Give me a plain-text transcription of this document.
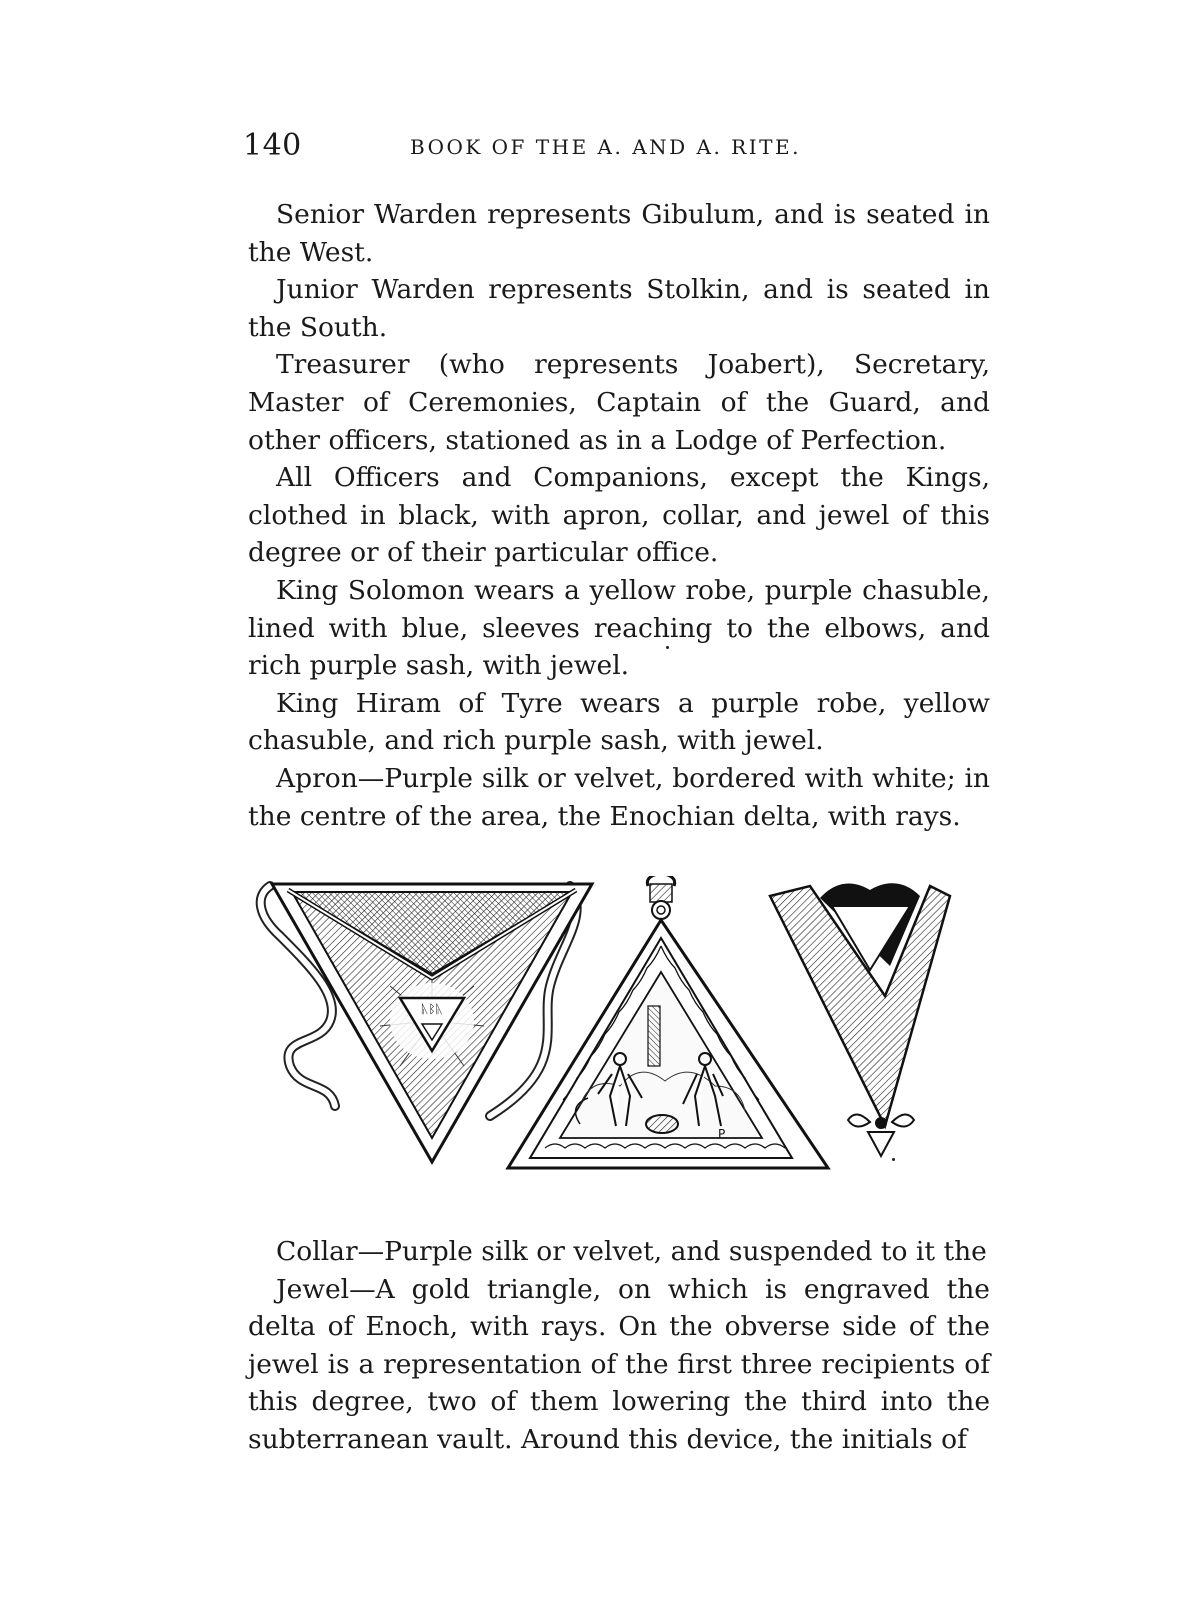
140	BOOK OF THE A. AND A. RITE.

Senior Warden represents Gibulum, and is seated in the West.

Junior Warden represents Stolkin, and is seated in the South.

Treasurer (who represents Joabert), Secretary, Master of Ceremonies, Captain of the Guard, and other officers, stationed as in a Lodge of Perfection.

All Officers and Companions, except the Kings, clothed in black, with apron, collar, and jewel of this degree or of their particular office.

King Solomon wears a yellow robe, purple chasuble, lined with blue, sleeves reaching to the elbows, and rich purple sash, with jewel.

King Hiram of Tyre wears a purple robe, yellow chasuble, and rich purple sash, with jewel.

Apron—Purple silk or velvet, bordered with white; in the centre of the area, the Enochian delta, with rays.

ᚣᛒᚣ
P

Collar—Purple silk or velvet, and suspended to it the

Jewel—A gold triangle, on which is engraved the delta of Enoch, with rays. On the obverse side of the jewel is a representation of the first three recipients of this degree, two of them lowering the third into the subterranean vault. Around this device, the initials of
